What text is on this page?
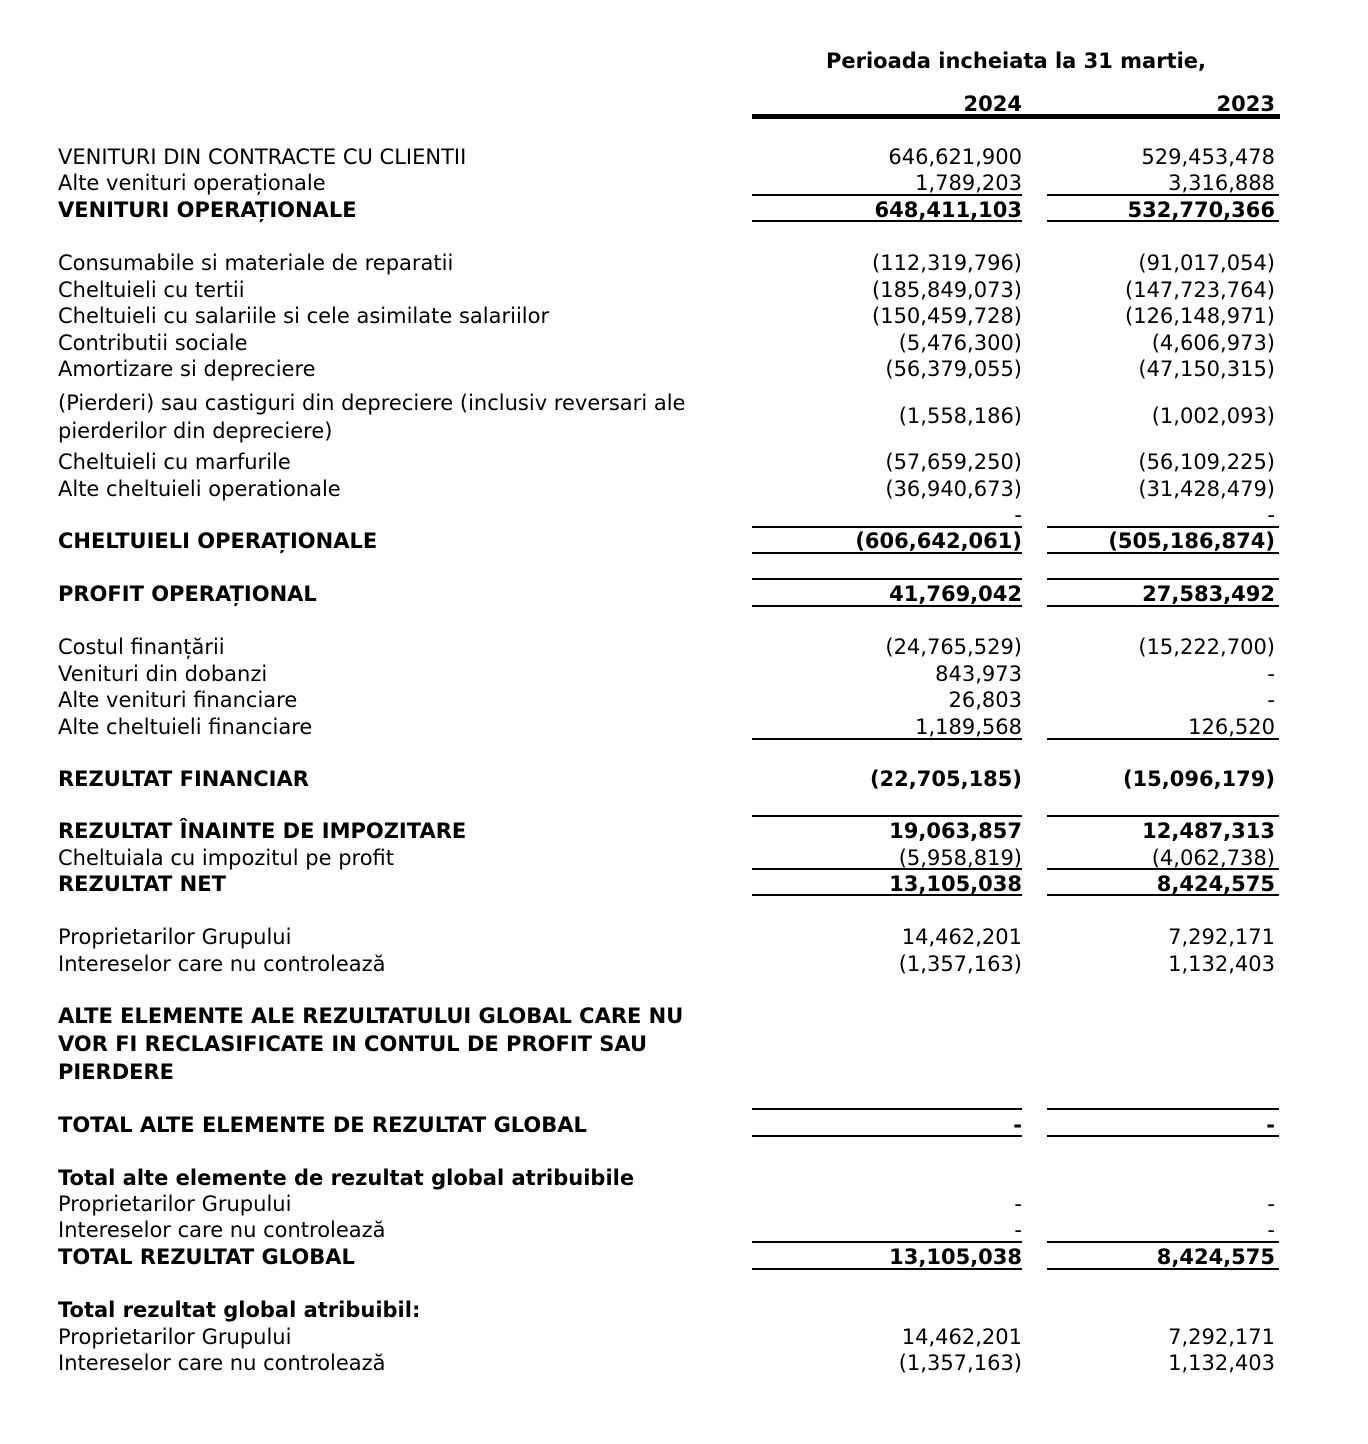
Perioada incheiata la 31 martie,
2024	2023
VENITURI DIN CONTRACTE CU CLIENTII	646,621,900	529,453,478
Alte venituri operaționale	1,789,203	3,316,888
VENITURI OPERAȚIONALE	648,411,103	532,770,366
Consumabile si materiale de reparatii	(112,319,796)	(91,017,054)
Cheltuieli cu tertii	(185,849,073)	(147,723,764)
Cheltuieli cu salariile si cele asimilate salariilor	(150,459,728)	(126,148,971)
Contributii sociale	(5,476,300)	(4,606,973)
Amortizare si depreciere	(56,379,055)	(47,150,315)
(Pierderi) sau castiguri din depreciere (inclusiv reversari ale pierderilor din depreciere)
(1,558,186)	(1,002,093)
Cheltuieli cu marfurile	(57,659,250)	(56,109,225)
Alte cheltuieli operationale	(36,940,673)	(31,428,479)
-	-
CHELTUIELI OPERAȚIONALE	(606,642,061)	(505,186,874)
PROFIT OPERAȚIONAL	41,769,042	27,583,492
Costul finanțării	(24,765,529)	(15,222,700)
Venituri din dobanzi	843,973	-
Alte venituri financiare	26,803	-
Alte cheltuieli financiare	1,189,568	126,520
REZULTAT FINANCIAR	(22,705,185)	(15,096,179)
REZULTAT ÎNAINTE DE IMPOZITARE	19,063,857	12,487,313
Cheltuiala cu impozitul pe profit	(5,958,819)	(4,062,738)
REZULTAT NET	13,105,038	8,424,575
Proprietarilor Grupului	14,462,201	7,292,171
Intereselor care nu controlează	(1,357,163)	1,132,403
ALTE ELEMENTE ALE REZULTATULUI GLOBAL CARE NU VOR FI RECLASIFICATE IN CONTUL DE PROFIT SAU PIERDERE
TOTAL ALTE ELEMENTE DE REZULTAT GLOBAL	-	-
Total alte elemente de rezultat global atribuibile
Proprietarilor Grupului	-	-
Intereselor care nu controlează	-	-
TOTAL REZULTAT GLOBAL	13,105,038	8,424,575
Total rezultat global atribuibil:
Proprietarilor Grupului	14,462,201	7,292,171
Intereselor care nu controlează	(1,357,163)	1,132,403
